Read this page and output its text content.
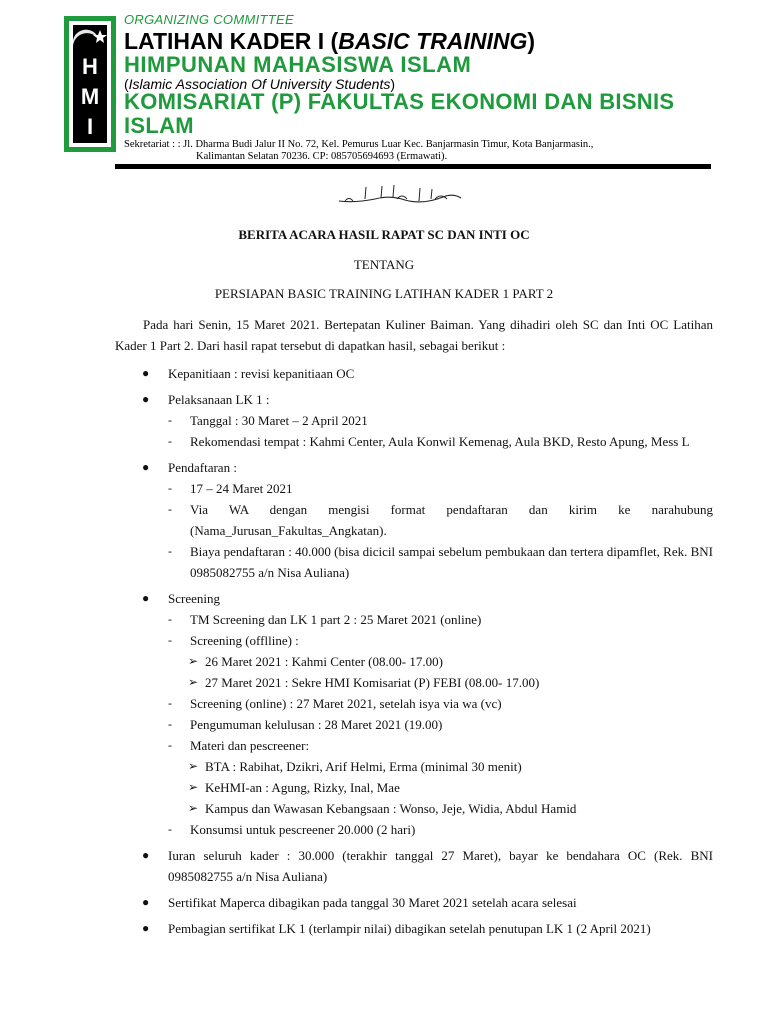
H
M
I
ORGANIZING COMMITTEE
LATIHAN KADER I (BASIC TRAINING)
HIMPUNAN MAHASISWA ISLAM
(Islamic Association Of University Students)
KOMISARIAT (P) FAKULTAS EKONOMI DAN BISNIS ISLAM
Sekretariat : : Jl. Dharma Budi Jalur II No. 72, Kel. Pemurus Luar Kec. Banjarmasin Timur, Kota Banjarmasin.,
Kalimantan Selatan 70236. CP: 085705694693 (Ermawati).
BERITA ACARA HASIL RAPAT SC DAN INTI OC
TENTANG
PERSIAPAN BASIC TRAINING LATIHAN KADER 1 PART 2

Pada hari Senin, 15 Maret 2021. Bertepatan Kuliner Baiman. Yang dihadiri oleh SC dan Inti OC Latihan Kader 1 Part 2. Dari hasil rapat tersebut di dapatkan hasil, sebagai berikut :

● Kepanitiaan : revisi kepanitiaan OC
● Pelaksanaan LK 1 :
- Tanggal : 30 Maret – 2 April 2021
- Rekomendasi tempat : Kahmi Center, Aula Konwil Kemenag, Aula BKD, Resto Apung, Mess L
● Pendaftaran :
- 17 – 24 Maret 2021
- Via WA dengan mengisi format pendaftaran dan kirim ke narahubung (Nama_Jurusan_Fakultas_Angkatan).
- Biaya pendaftaran : 40.000 (bisa dicicil sampai sebelum pembukaan dan tertera dipamflet, Rek. BNI 0985082755 a/n Nisa Auliana)
● Screening
- TM Screening dan LK 1 part 2 : 25 Maret 2021 (online)
- Screening (offlline) :
➢ 26 Maret 2021 : Kahmi Center (08.00- 17.00)
➢ 27 Maret 2021 : Sekre HMI Komisariat (P) FEBI (08.00- 17.00)
- Screening (online) : 27 Maret 2021, setelah isya via wa (vc)
- Pengumuman kelulusan : 28 Maret 2021 (19.00)
- Materi dan pescreener:
➢ BTA : Rabihat, Dzikri, Arif Helmi, Erma (minimal 30 menit)
➢ KeHMI-an : Agung, Rizky, Inal, Mae
➢ Kampus dan Wawasan Kebangsaan : Wonso, Jeje, Widia, Abdul Hamid
- Konsumsi untuk pescreener 20.000 (2 hari)
● Iuran seluruh kader : 30.000 (terakhir tanggal 27 Maret), bayar ke bendahara OC (Rek. BNI 0985082755 a/n Nisa Auliana)
● Sertifikat Maperca dibagikan pada tanggal 30 Maret 2021 setelah acara selesai
● Pembagian sertifikat LK 1 (terlampir nilai) dibagikan setelah penutupan LK 1 (2 April 2021)
